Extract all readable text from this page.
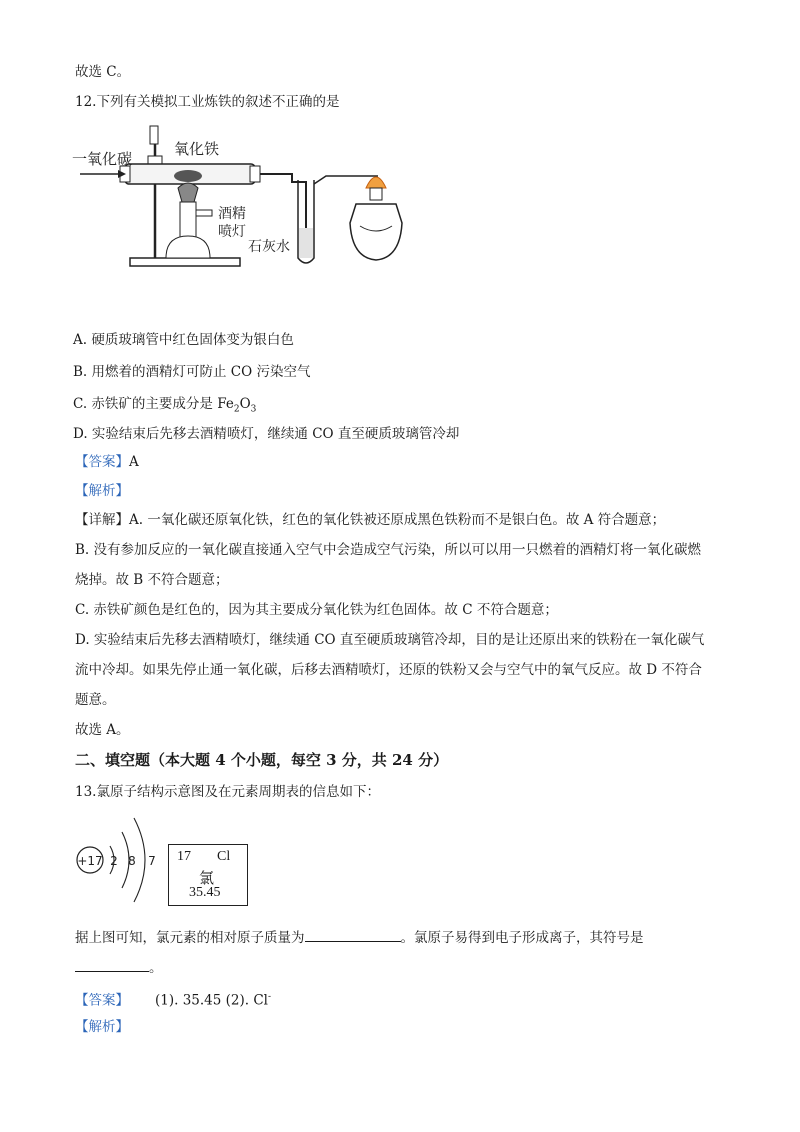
故选 C。
12.下列有关模拟工业炼铁的叙述不正确的是
一氧化碳
氧化铁
酒精
喷灯
石灰水
A. 硬质玻璃管中红色固体变为银白色
B. 用燃着的酒精灯可防止 CO 污染空气
C. 赤铁矿的主要成分是 $Fe_2O_3$
D. 实验结束后先移去酒精喷灯，继续通 CO 直至硬质玻璃管冷却
【答案】A
【解析】
【详解】A. 一氧化碳还原氧化铁，红色的氧化铁被还原成黑色铁粉而不是银白色。故 A 符合题意；
B. 没有参加反应的一氧化碳直接通入空气中会造成空气污染，所以可以用一只燃着的酒精灯将一氧化碳燃
烧掉。故 B 不符合题意；
C. 赤铁矿颜色是红色的，因为其主要成分氧化铁为红色固体。故 C 不符合题意；
D. 实验结束后先移去酒精喷灯，继续通 CO 直至硬质玻璃管冷却，目的是让还原出来的铁粉在一氧化碳气
流中冷却。如果先停止通一氧化碳，后移去酒精喷灯，还原的铁粉又会与空气中的氧气反应。故 D 不符合
题意。
故选 A。
二、填空题（本大题 4 个小题，每空 3 分，共 24 分）
13.氯原子结构示意图及在元素周期表的信息如下：
+17 2 8 7 17 Cl
氯
35.45
据上图可知，氯元素的相对原子质量为	。氯原子易得到电子形成离子，其符号是
。
【答案】 (1). 35.45 (2). Cl-
【解析】
